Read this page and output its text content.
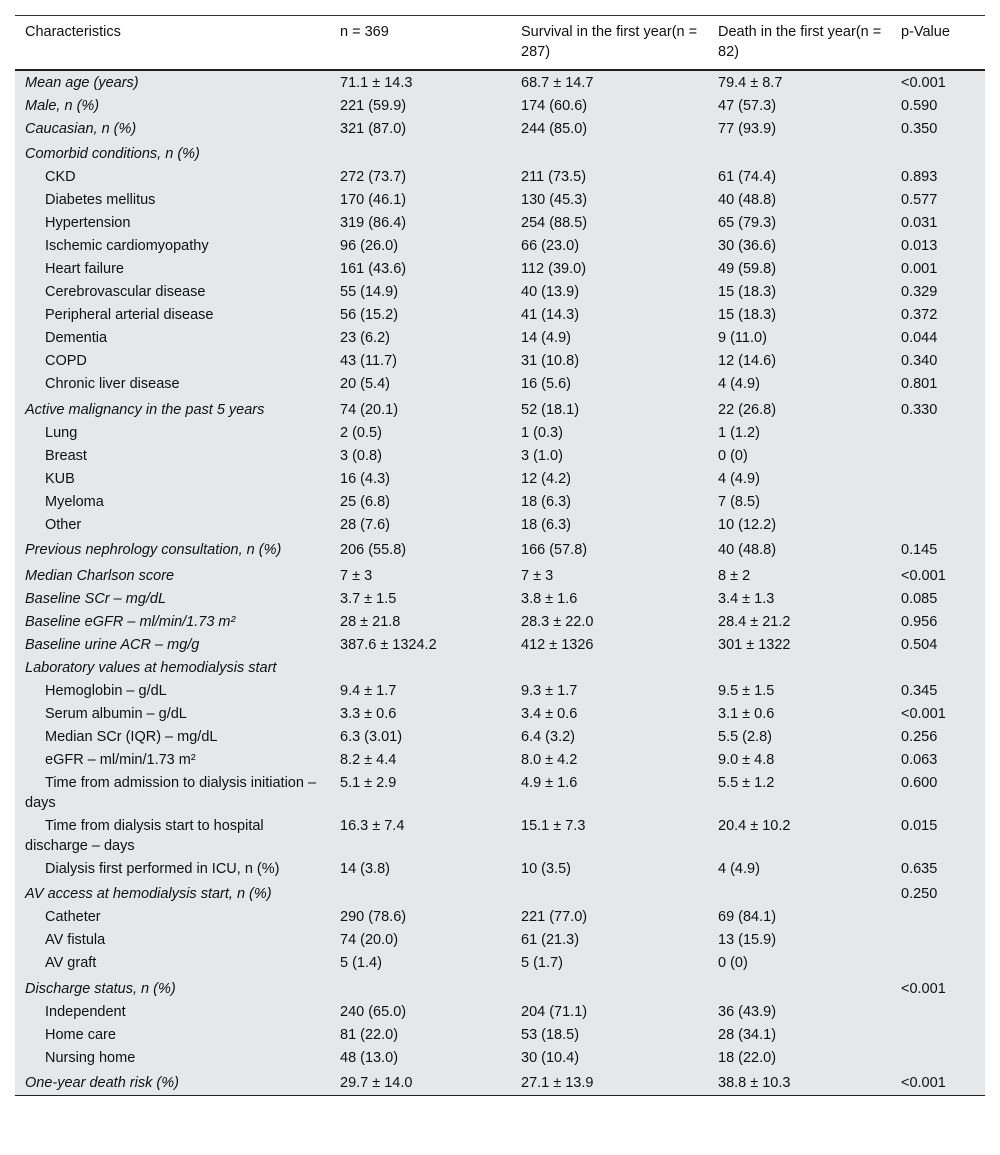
Characteristics	n = 369	Survival in the first year(n = 287)	Death in the first year(n = 82)	p-Value
Mean age (years)	71.1 ± 14.3	68.7 ± 14.7	79.4 ± 8.7	<0.001
Male, n (%)	221 (59.9)	174 (60.6)	47 (57.3)	0.590
Caucasian, n (%)	321 (87.0)	244 (85.0)	77 (93.9)	0.350
Comorbid conditions, n (%)				
CKD	272 (73.7)	211 (73.5)	61 (74.4)	0.893
Diabetes mellitus	170 (46.1)	130 (45.3)	40 (48.8)	0.577
Hypertension	319 (86.4)	254 (88.5)	65 (79.3)	0.031
Ischemic cardiomyopathy	96 (26.0)	66 (23.0)	30 (36.6)	0.013
Heart failure	161 (43.6)	112 (39.0)	49 (59.8)	0.001
Cerebrovascular disease	55 (14.9)	40 (13.9)	15 (18.3)	0.329
Peripheral arterial disease	56 (15.2)	41 (14.3)	15 (18.3)	0.372
Dementia	23 (6.2)	14 (4.9)	9 (11.0)	0.044
COPD	43 (11.7)	31 (10.8)	12 (14.6)	0.340
Chronic liver disease	20 (5.4)	16 (5.6)	4 (4.9)	0.801
Active malignancy in the past 5 years	74 (20.1)	52 (18.1)	22 (26.8)	0.330
Lung	2 (0.5)	1 (0.3)	1 (1.2)	
Breast	3 (0.8)	3 (1.0)	0 (0)	
KUB	16 (4.3)	12 (4.2)	4 (4.9)	
Myeloma	25 (6.8)	18 (6.3)	7 (8.5)	
Other	28 (7.6)	18 (6.3)	10 (12.2)	
Previous nephrology consultation, n (%)	206 (55.8)	166 (57.8)	40 (48.8)	0.145
Median Charlson score	7 ± 3	7 ± 3	8 ± 2	<0.001
Baseline SCr – mg/dL	3.7 ± 1.5	3.8 ± 1.6	3.4 ± 1.3	0.085
Baseline eGFR – ml/min/1.73 m²	28 ± 21.8	28.3 ± 22.0	28.4 ± 21.2	0.956
Baseline urine ACR – mg/g	387.6 ± 1324.2	412 ± 1326	301 ± 1322	0.504
Laboratory values at hemodialysis start				
Hemoglobin – g/dL	9.4 ± 1.7	9.3 ± 1.7	9.5 ± 1.5	0.345
Serum albumin – g/dL	3.3 ± 0.6	3.4 ± 0.6	3.1 ± 0.6	<0.001
Median SCr (IQR) – mg/dL	6.3 (3.01)	6.4 (3.2)	5.5 (2.8)	0.256
eGFR – ml/min/1.73 m²	8.2 ± 4.4	8.0 ± 4.2	9.0 ± 4.8	0.063
Time from admission to dialysis initiation – days	5.1 ± 2.9	4.9 ± 1.6	5.5 ± 1.2	0.600
Time from dialysis start to hospital discharge – days	16.3 ± 7.4	15.1 ± 7.3	20.4 ± 10.2	0.015
Dialysis first performed in ICU, n (%)	14 (3.8)	10 (3.5)	4 (4.9)	0.635
AV access at hemodialysis start, n (%)				0.250
Catheter	290 (78.6)	221 (77.0)	69 (84.1)	
AV fistula	74 (20.0)	61 (21.3)	13 (15.9)	
AV graft	5 (1.4)	5 (1.7)	0 (0)	
Discharge status, n (%)				<0.001
Independent	240 (65.0)	204 (71.1)	36 (43.9)	
Home care	81 (22.0)	53 (18.5)	28 (34.1)	
Nursing home	48 (13.0)	30 (10.4)	18 (22.0)	
One-year death risk (%)	29.7 ± 14.0	27.1 ± 13.9	38.8 ± 10.3	<0.001
